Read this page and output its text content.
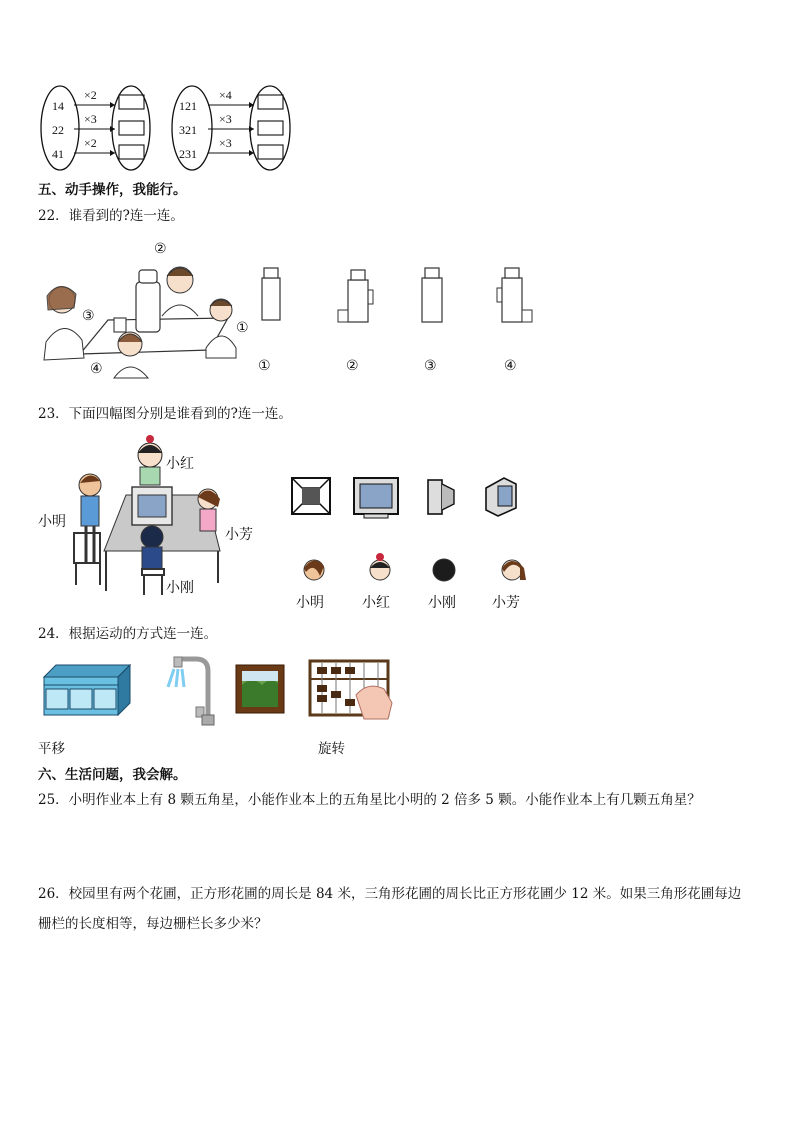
14
22
41
×2
×3
×2
121
321
231
×4
×3
×3
五、动手操作，我能行。
22．谁看到的?连一连。
②
③
①
④	①	②	③	④
23．下面四幅图分别是谁看到的?连一连。
小红
小明
小芳
小刚
小明	小红	小刚	小芳
24．根据运动的方式连一连。
平移	旋转
六、生活问题，我会解。
25．小明作业本上有 8 颗五角星，小能作业本上的五角星比小明的 2 倍多 5 颗。小能作业本上有几颗五角星？
26．校园里有两个花圃，正方形花圃的周长是 84 米，三角形花圃的周长比正方形花圃少 12 米。如果三角形花圃每边
栅栏的长度相等，每边栅栏长多少米？
